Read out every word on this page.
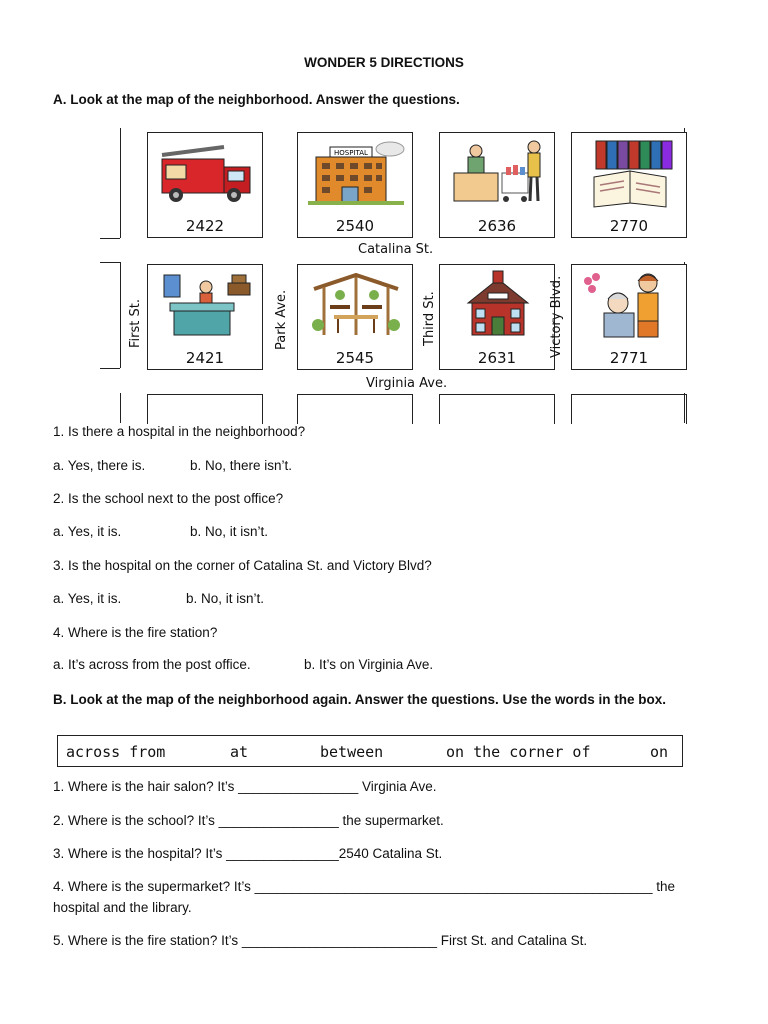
WONDER 5 DIRECTIONS
A. Look at the map of the neighborhood. Answer the questions.
2422
HOSPITAL
2540	2636	2770
Catalina St.
2421	2545	2631	2771
Virginia Ave.
First St.	Park Ave.	Third St.	Victory Blvd.
1. Is there a hospital in the neighborhood?
a. Yes, there is.	b. No, there isn’t.
2. Is the school next to the post office?
a. Yes, it is.	b. No, it isn’t.
3. Is the hospital on the corner of Catalina St. and Victory Blvd?
a. Yes, it is.	b. No, it isn’t.
4. Where is the fire station?
a. It’s across from the post office.	b. It’s on Virginia Ave.
B. Look at the map of the neighborhood again. Answer the questions. Use the words in the box.
across from	at	between	on the corner of	on
1. Where is the hair salon? It’s ________________ Virginia Ave.
2. Where is the school? It’s ________________ the supermarket.
3. Where is the hospital? It’s _______________2540 Catalina St.
4. Where is the supermarket? It’s _____________________________________________________ the hospital and the library.
5. Where is the fire station? It’s __________________________ First St. and Catalina St.
